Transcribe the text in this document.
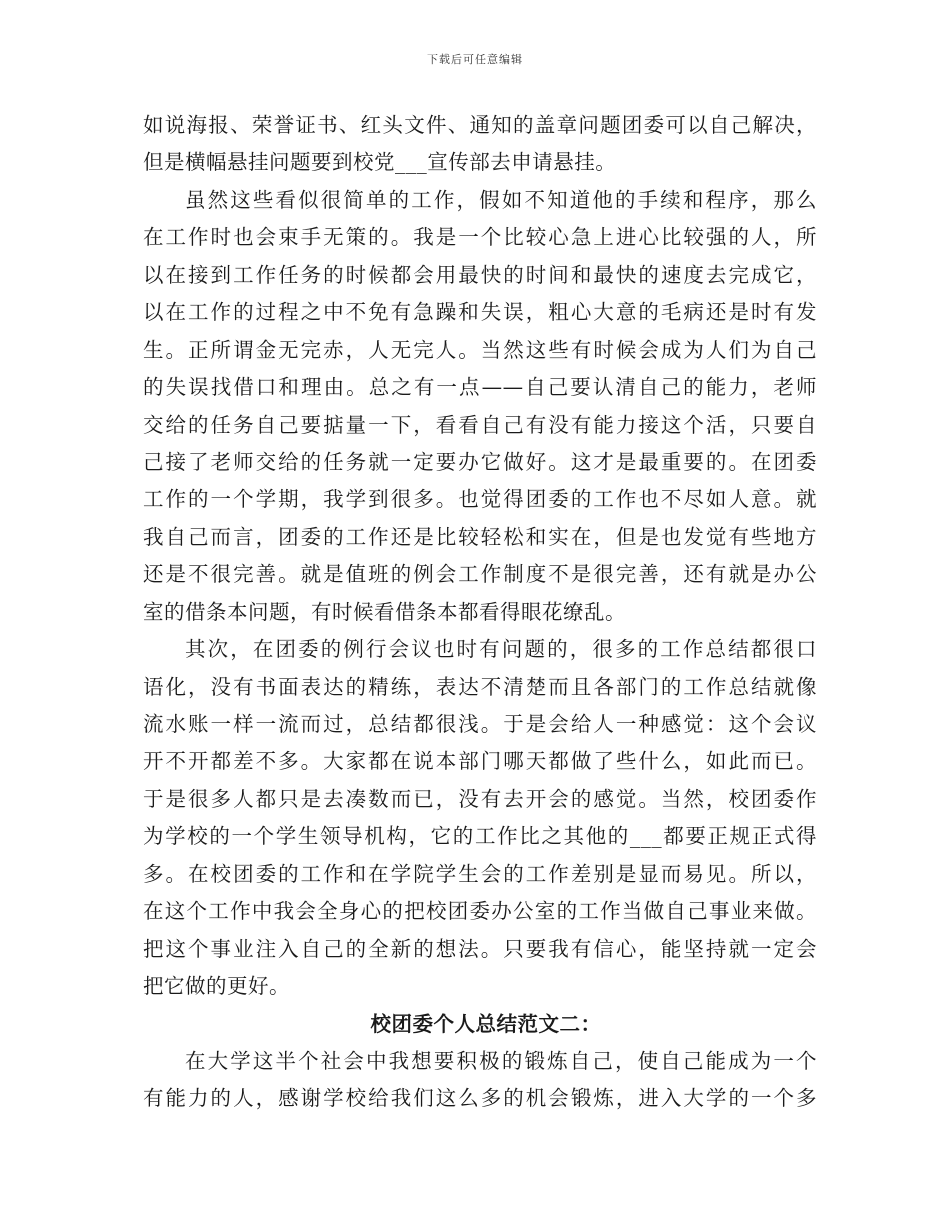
下载后可任意编辑
如说海报、荣誉证书、红头文件、通知的盖章问题团委可以自己解决，
但是横幅悬挂问题要到校党___宣传部去申请悬挂。
虽然这些看似很简单的工作，假如不知道他的手续和程序，那么
在工作时也会束手无策的。我是一个比较心急上进心比较强的人，所
以在接到工作任务的时候都会用最快的时间和最快的速度去完成它，
以在工作的过程之中不免有急躁和失误，粗心大意的毛病还是时有发
生。正所谓金无完赤，人无完人。当然这些有时候会成为人们为自己
的失误找借口和理由。总之有一点——自己要认清自己的能力，老师
交给的任务自己要掂量一下，看看自己有没有能力接这个活，只要自
己接了老师交给的任务就一定要办它做好。这才是最重要的。在团委
工作的一个学期，我学到很多。也觉得团委的工作也不尽如人意。就
我自己而言，团委的工作还是比较轻松和实在，但是也发觉有些地方
还是不很完善。就是值班的例会工作制度不是很完善，还有就是办公
室的借条本问题，有时候看借条本都看得眼花缭乱。
其次，在团委的例行会议也时有问题的，很多的工作总结都很口
语化，没有书面表达的精练，表达不清楚而且各部门的工作总结就像
流水账一样一流而过，总结都很浅。于是会给人一种感觉：这个会议
开不开都差不多。大家都在说本部门哪天都做了些什么，如此而已。
于是很多人都只是去凑数而已，没有去开会的感觉。当然，校团委作
为学校的一个学生领导机构，它的工作比之其他的___都要正规正式得
多。在校团委的工作和在学院学生会的工作差别是显而易见。所以，
在这个工作中我会全身心的把校团委办公室的工作当做自己事业来做。
把这个事业注入自己的全新的想法。只要我有信心，能坚持就一定会
把它做的更好。
校团委个人总结范文二：
在大学这半个社会中我想要积极的锻炼自己，使自己能成为一个
有能力的人，感谢学校给我们这么多的机会锻炼，进入大学的一个多
